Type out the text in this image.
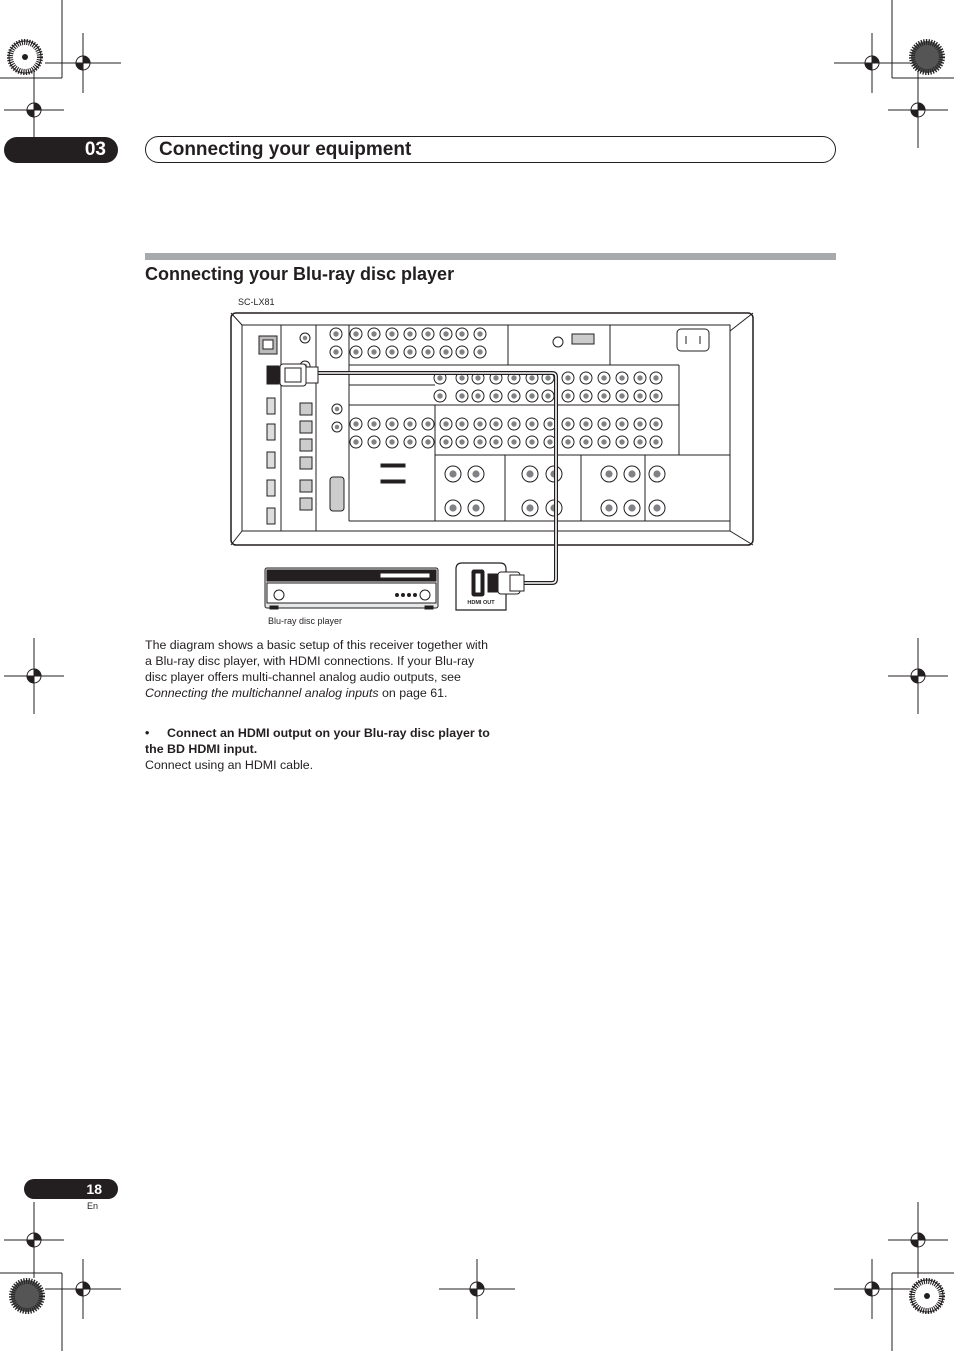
03	Connecting your equipment
Connecting your Blu-ray disc player
SC-LX81
Blu-ray disc player
HDMI OUT
The diagram shows a basic setup of this receiver together with a Blu-ray disc player, with HDMI connections. If your Blu-ray disc player offers multi-channel analog audio outputs, see Connecting the multichannel analog inputs on page 61.
• Connect an HDMI output on your Blu-ray disc player to the BD HDMI input.
Connect using an HDMI cable.
18
En
